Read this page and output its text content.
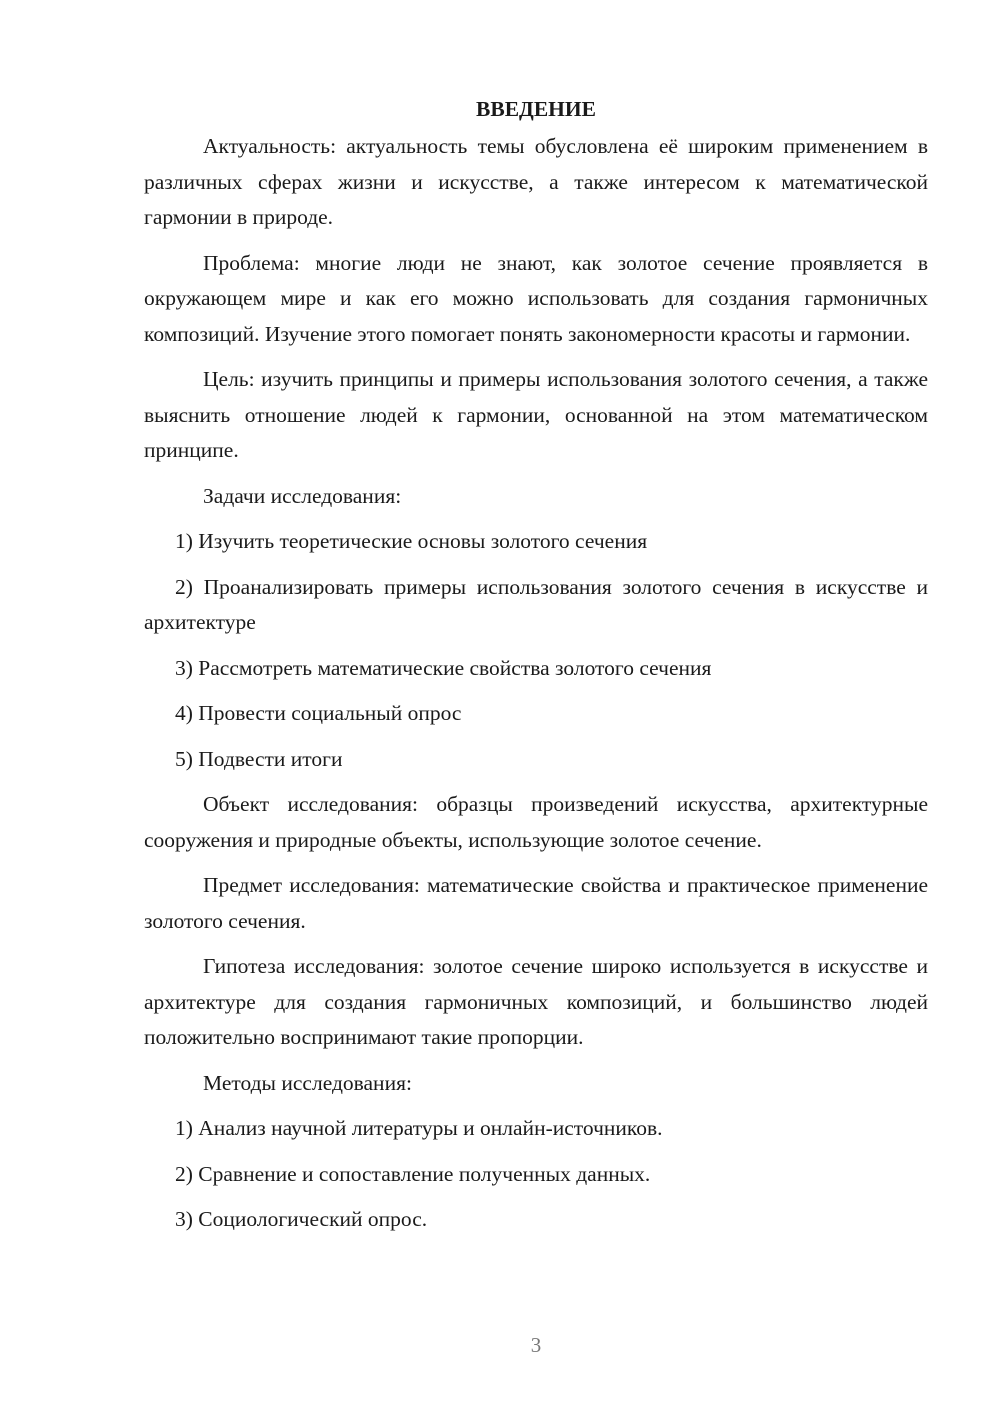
ВВЕДЕНИЕ

Актуальность: актуальность темы обусловлена её широким применением в различных сферах жизни и искусстве, а также интересом к математической гармонии в природе.

Проблема: многие люди не знают, как золотое сечение проявляется в окружающем мире и как его можно использовать для создания гармоничных композиций. Изучение этого помогает понять закономерности красоты и гармонии.

Цель: изучить принципы и примеры использования золотого сечения, а также выяснить отношение людей к гармонии, основанной на этом математическом принципе.

Задачи исследования:

1) Изучить теоретические основы золотого сечения

2) Проанализировать примеры использования золотого сечения в искусстве и архитектуре

3) Рассмотреть математические свойства золотого сечения

4) Провести социальный опрос

5) Подвести итоги

Объект исследования: образцы произведений искусства, архитектурные сооружения и природные объекты, использующие золотое сечение.

Предмет исследования: математические свойства и практическое применение золотого сечения.

Гипотеза исследования: золотое сечение широко используется в искусстве и архитектуре для создания гармоничных композиций, и большинство людей положительно воспринимают такие пропорции.

Методы исследования:

1) Анализ научной литературы и онлайн-источников.

2) Сравнение и сопоставление полученных данных.

3) Социологический опрос.

3
